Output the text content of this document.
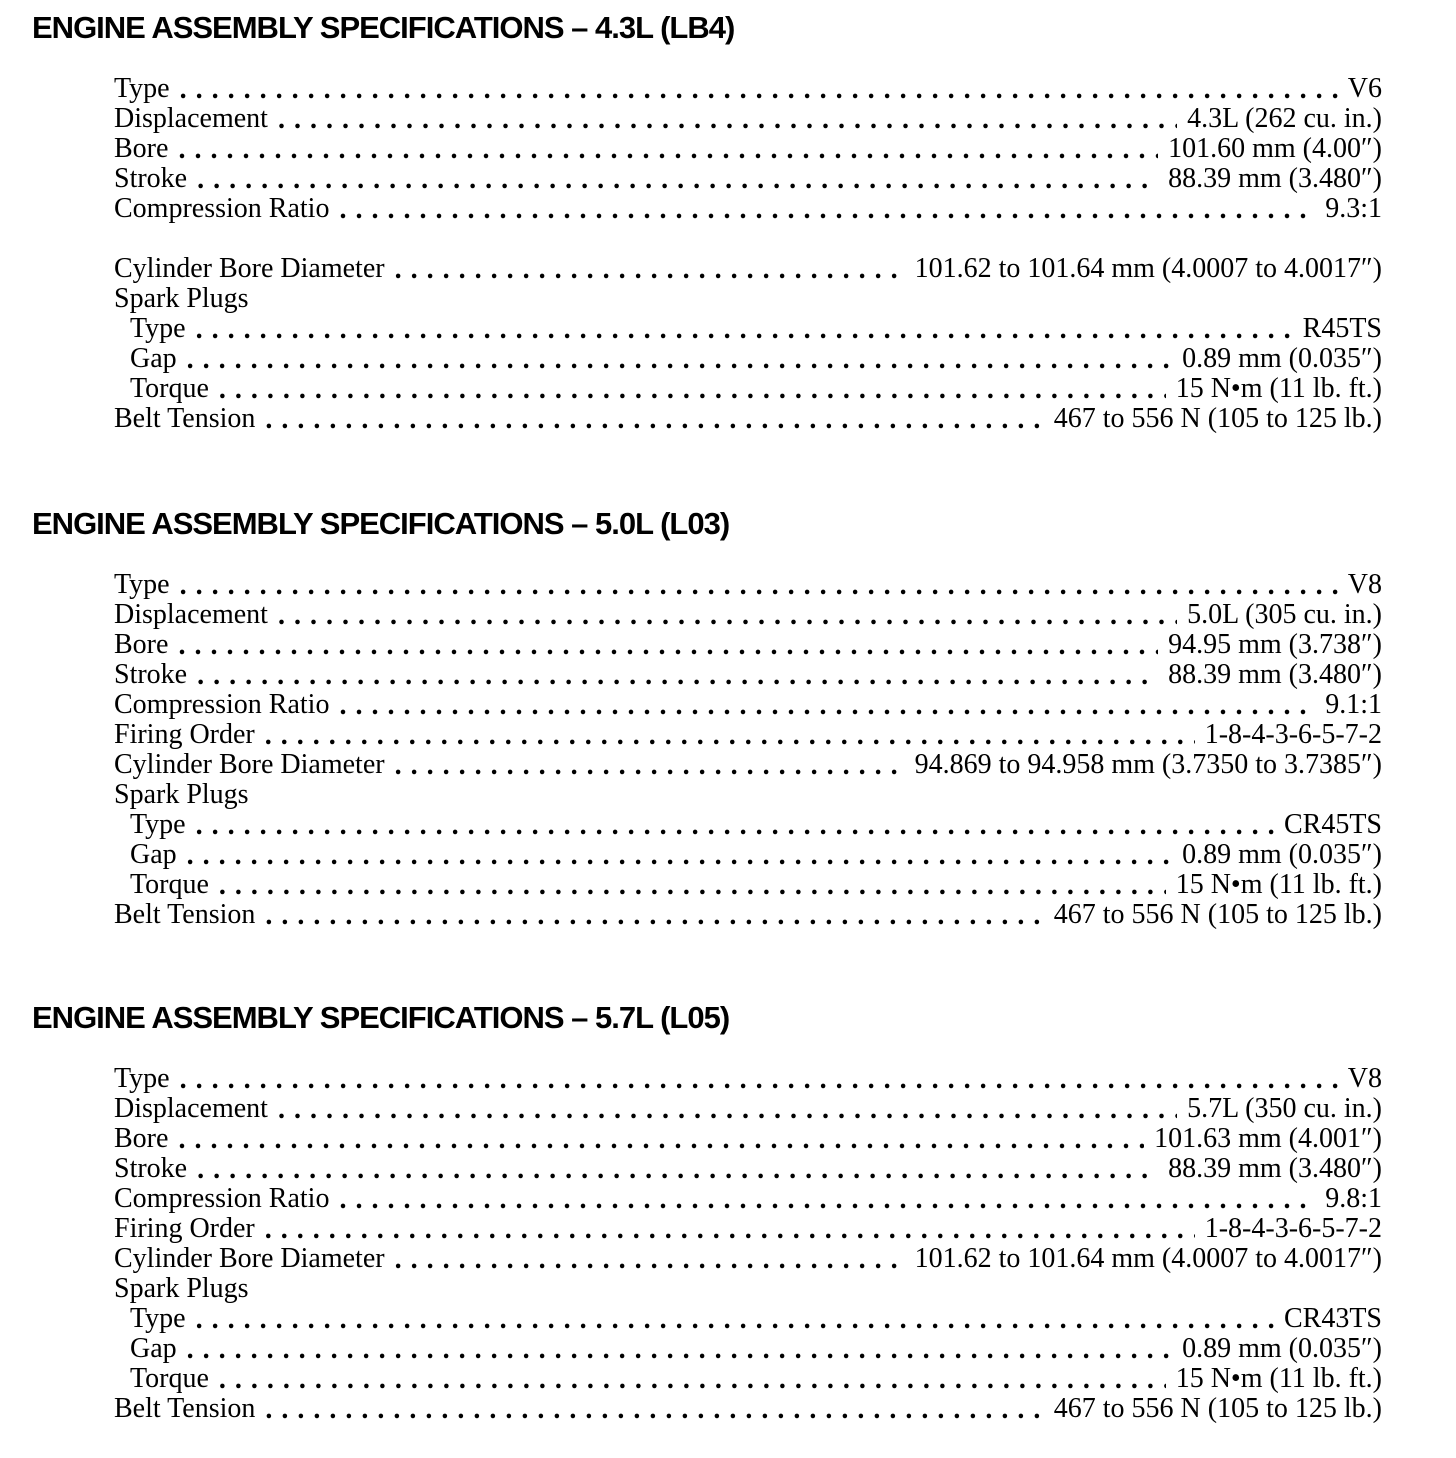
ENGINE ASSEMBLY SPECIFICATIONS – 4.3L (LB4)
Type . . .	V6
Displacement . . .	4.3L (262 cu. in.)
Bore . . .	101.60 mm (4.00″)
Stroke . . .	88.39 mm (3.480″)
Compression Ratio . . .	9.3:1
Cylinder Bore Diameter . . .	101.62 to 101.64 mm (4.0007 to 4.0017″)
Spark Plugs
Type . . .	R45TS
Gap . . .	0.89 mm (0.035″)
Torque . . .	15 N•m (11 lb. ft.)
Belt Tension . . .	467 to 556 N (105 to 125 lb.)
ENGINE ASSEMBLY SPECIFICATIONS – 5.0L (L03)
Type . . .	V8
Displacement . . .	5.0L (305 cu. in.)
Bore . . .	94.95 mm (3.738″)
Stroke . . .	88.39 mm (3.480″)
Compression Ratio . . .	9.1:1
Firing Order . . .	1-8-4-3-6-5-7-2
Cylinder Bore Diameter . . .	94.869 to 94.958 mm (3.7350 to 3.7385″)
Spark Plugs
Type . . .	CR45TS
Gap . . .	0.89 mm (0.035″)
Torque . . .	15 N•m (11 lb. ft.)
Belt Tension . . .	467 to 556 N (105 to 125 lb.)
ENGINE ASSEMBLY SPECIFICATIONS – 5.7L (L05)
Type . . .	V8
Displacement . . .	5.7L (350 cu. in.)
Bore . . .	101.63 mm (4.001″)
Stroke . . .	88.39 mm (3.480″)
Compression Ratio . . .	9.8:1
Firing Order . . .	1-8-4-3-6-5-7-2
Cylinder Bore Diameter . . .	101.62 to 101.64 mm (4.0007 to 4.0017″)
Spark Plugs
Type . . .	CR43TS
Gap . . .	0.89 mm (0.035″)
Torque . . .	15 N•m (11 lb. ft.)
Belt Tension . . .	467 to 556 N (105 to 125 lb.)
